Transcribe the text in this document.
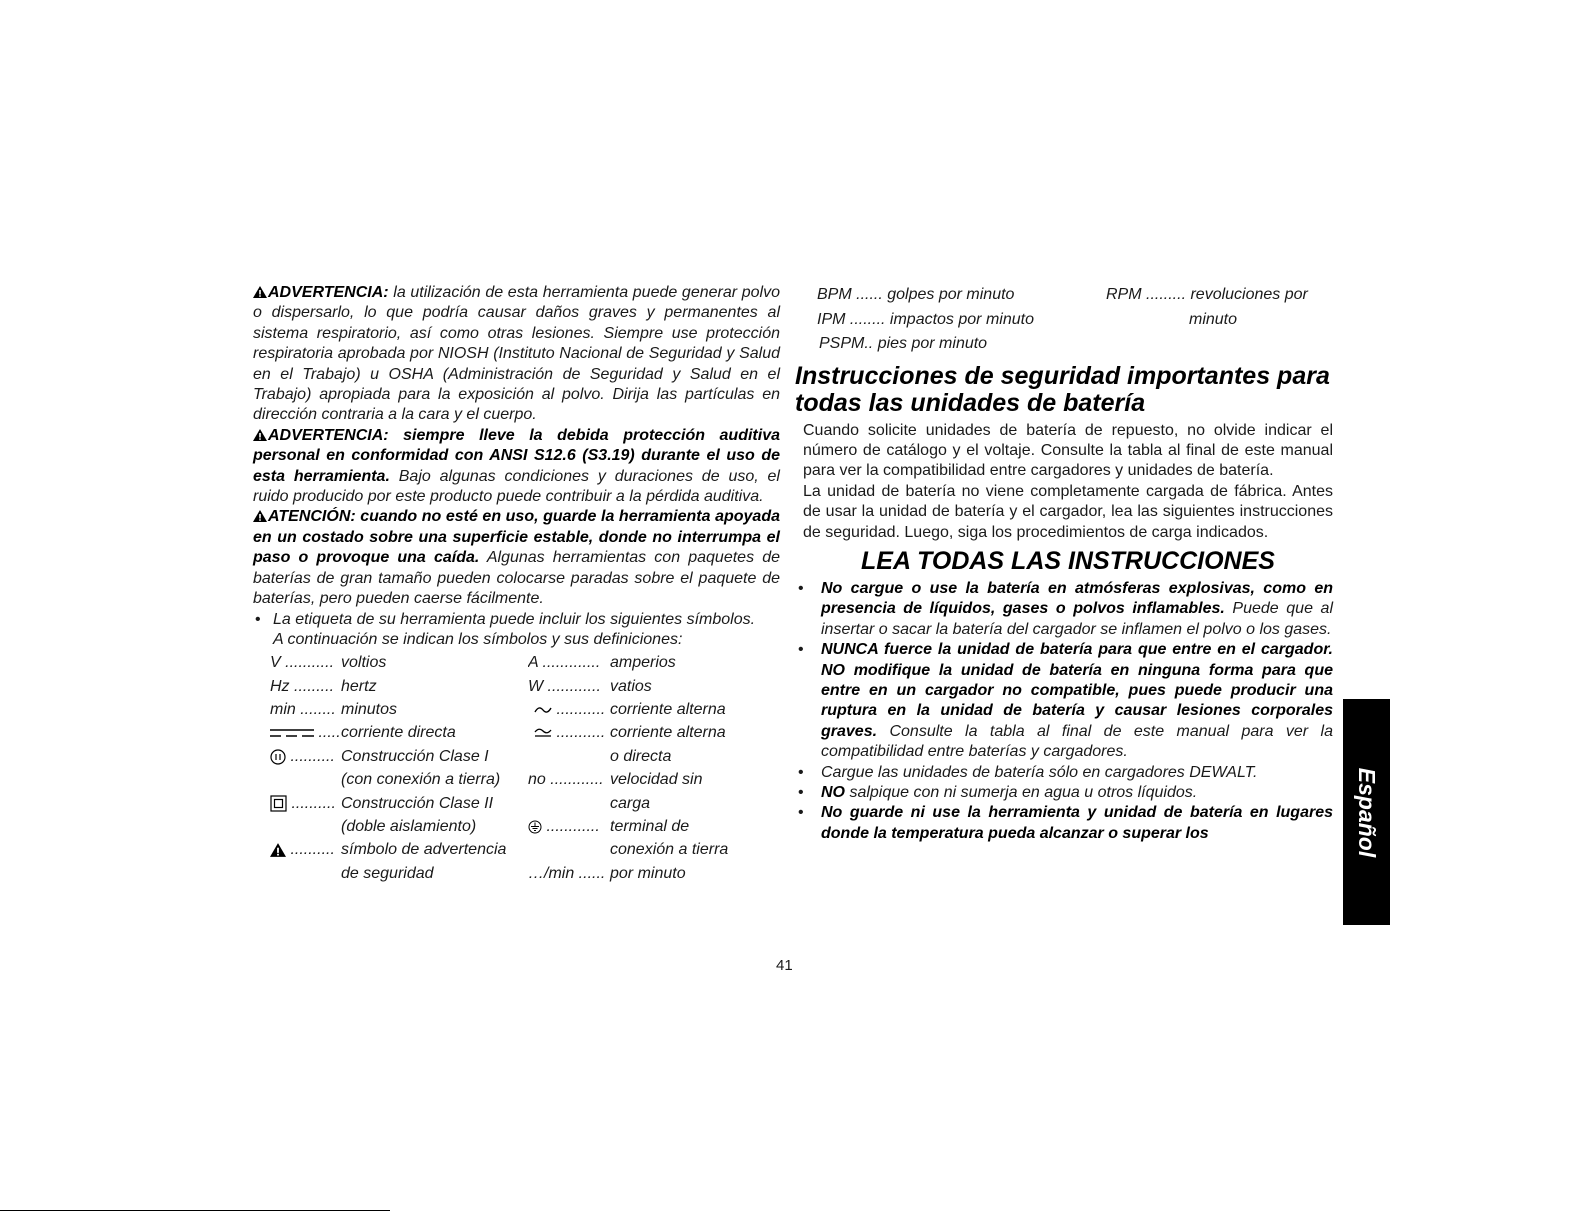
ADVERTENCIA: la utilización de esta herramienta puede generar polvo o dispersarlo, lo que podría causar daños graves y permanentes al sistema respiratorio, así como otras lesiones. Siempre use protección respiratoria aprobada por NIOSH (Instituto Nacional de Seguridad y Salud en el Trabajo) u OSHA (Administración de Seguridad y Salud en el Trabajo) apropiada para la exposición al polvo. Dirija las partículas en dirección contraria a la cara y el cuerpo.

ADVERTENCIA: siempre lleve la debida protección auditiva personal en conformidad con ANSI S12.6 (S3.19) durante el uso de esta herramienta. Bajo algunas condiciones y duraciones de uso, el ruido producido por este producto puede contribuir a la pérdida auditiva.

ATENCIÓN: cuando no esté en uso, guarde la herramienta apoyada en un costado sobre una superficie estable, donde no interrumpa el paso o provoque una caída. Algunas herramientas con paquetes de baterías de gran tamaño pueden colocarse paradas sobre el paquete de baterías, pero pueden caerse fácilmente.

• La etiqueta de su herramienta puede incluir los siguientes símbolos.
A continuación se indican los símbolos y sus definiciones:
V ........... voltios
Hz ......... hertz
min ........ minutos
..... corriente directa
.......... Construcción Clase I
(con conexión a tierra)
.......... Construcción Clase II
(doble aislamiento)
.......... símbolo de advertencia
de seguridad
A ............. amperios
W ............ vatios
........... corriente alterna
........... corriente alterna
o directa
no ............ velocidad sin
carga
............ terminal de
conexión a tierra
…/min ...... por minuto
BPM ......
golpes por minuto
IPM ........
impactos por minuto
PSPM..
pies por minuto
RPM .........
revoluciones por
minuto
Instrucciones de seguridad importantes para todas las unidades de batería

Cuando solicite unidades de batería de repuesto, no olvide indicar el número de catálogo y el voltaje. Consulte la tabla al final de este manual para ver la compatibilidad entre cargadores y unidades de batería.

La unidad de batería no viene completamente cargada de fábrica. Antes de usar la unidad de batería y el cargador, lea las siguientes instrucciones de seguridad. Luego, siga los procedimientos de carga indicados.

LEA TODAS LAS INSTRUCCIONES
• No cargue o use la batería en atmósferas explosivas, como en presencia de líquidos, gases o polvos inflamables. Puede que al insertar o sacar la batería del cargador se inflamen el polvo o los gases.
• NUNCA fuerce la unidad de batería para que entre en el cargador. NO modifique la unidad de batería en ninguna forma para que entre en un cargador no compatible, pues puede producir una ruptura en la unidad de batería y causar lesiones corporales graves. Consulte la tabla al final de este manual para ver la compatibilidad entre baterías y cargadores.
• Cargue las unidades de batería sólo en cargadores DEWALT.
• NO salpique con ni sumerja en agua u otros líquidos.
• No guarde ni use la herramienta y unidad de batería en lugares donde la temperatura pueda alcanzar o superar los	Español
41
